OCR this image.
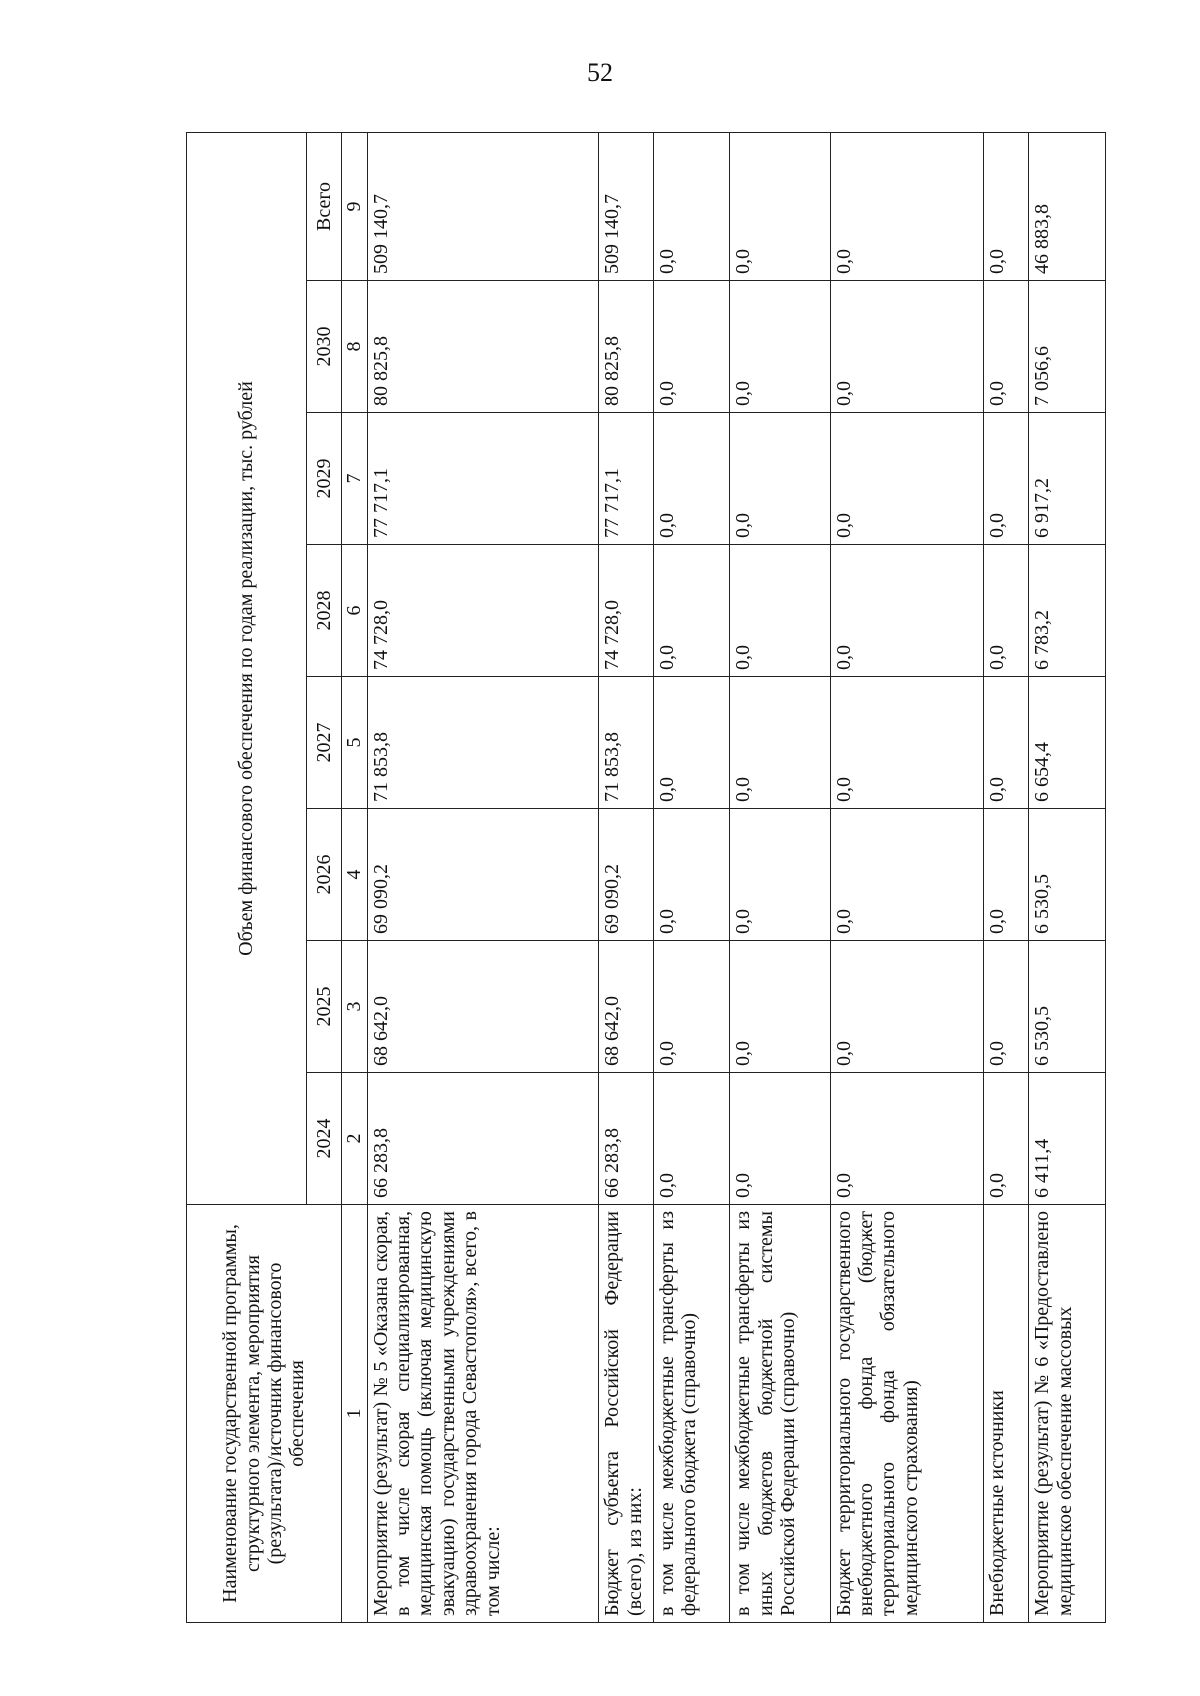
52
Наименование государственной программы, структурного элемента, мероприятия (результата)/источник финансового обеспечения	Объем финансового обеспечения по годам реализации, тыс. рублей							
	2024	2025	2026	2027	2028	2029	2030	Всего
1	2	3	4	5	6	7	8	9
Мероприятие (результат) № 5 «Оказана скорая, в том числе скорая специализированная, медицинская помощь (включая медицинскую эвакуацию) государственными учреждениями здравоохранения города Севастополя», всего, в том числе:	66 283,8	68 642,0	69 090,2	71 853,8	74 728,0	77 717,1	80 825,8	509 140,7
Бюджет субъекта Российской Федерации (всего), из них:	66 283,8	68 642,0	69 090,2	71 853,8	74 728,0	77 717,1	80 825,8	509 140,7
в том числе межбюджетные трансферты из федерального бюджета (справочно)	0,0	0,0	0,0	0,0	0,0	0,0	0,0	0,0
в том числе межбюджетные трансферты из иных бюджетов бюджетной системы Российской Федерации (справочно)	0,0	0,0	0,0	0,0	0,0	0,0	0,0	0,0
Бюджет территориального государственного внебюджетного фонда (бюджет территориального фонда обязательного медицинского страхования)	0,0	0,0	0,0	0,0	0,0	0,0	0,0	0,0
Внебюджетные источники	0,0	0,0	0,0	0,0	0,0	0,0	0,0	0,0
Мероприятие (результат) № 6 «Предоставлено медицинское обеспечение массовых	6 411,4	6 530,5	6 530,5	6 654,4	6 783,2	6 917,2	7 056,6	46 883,8
